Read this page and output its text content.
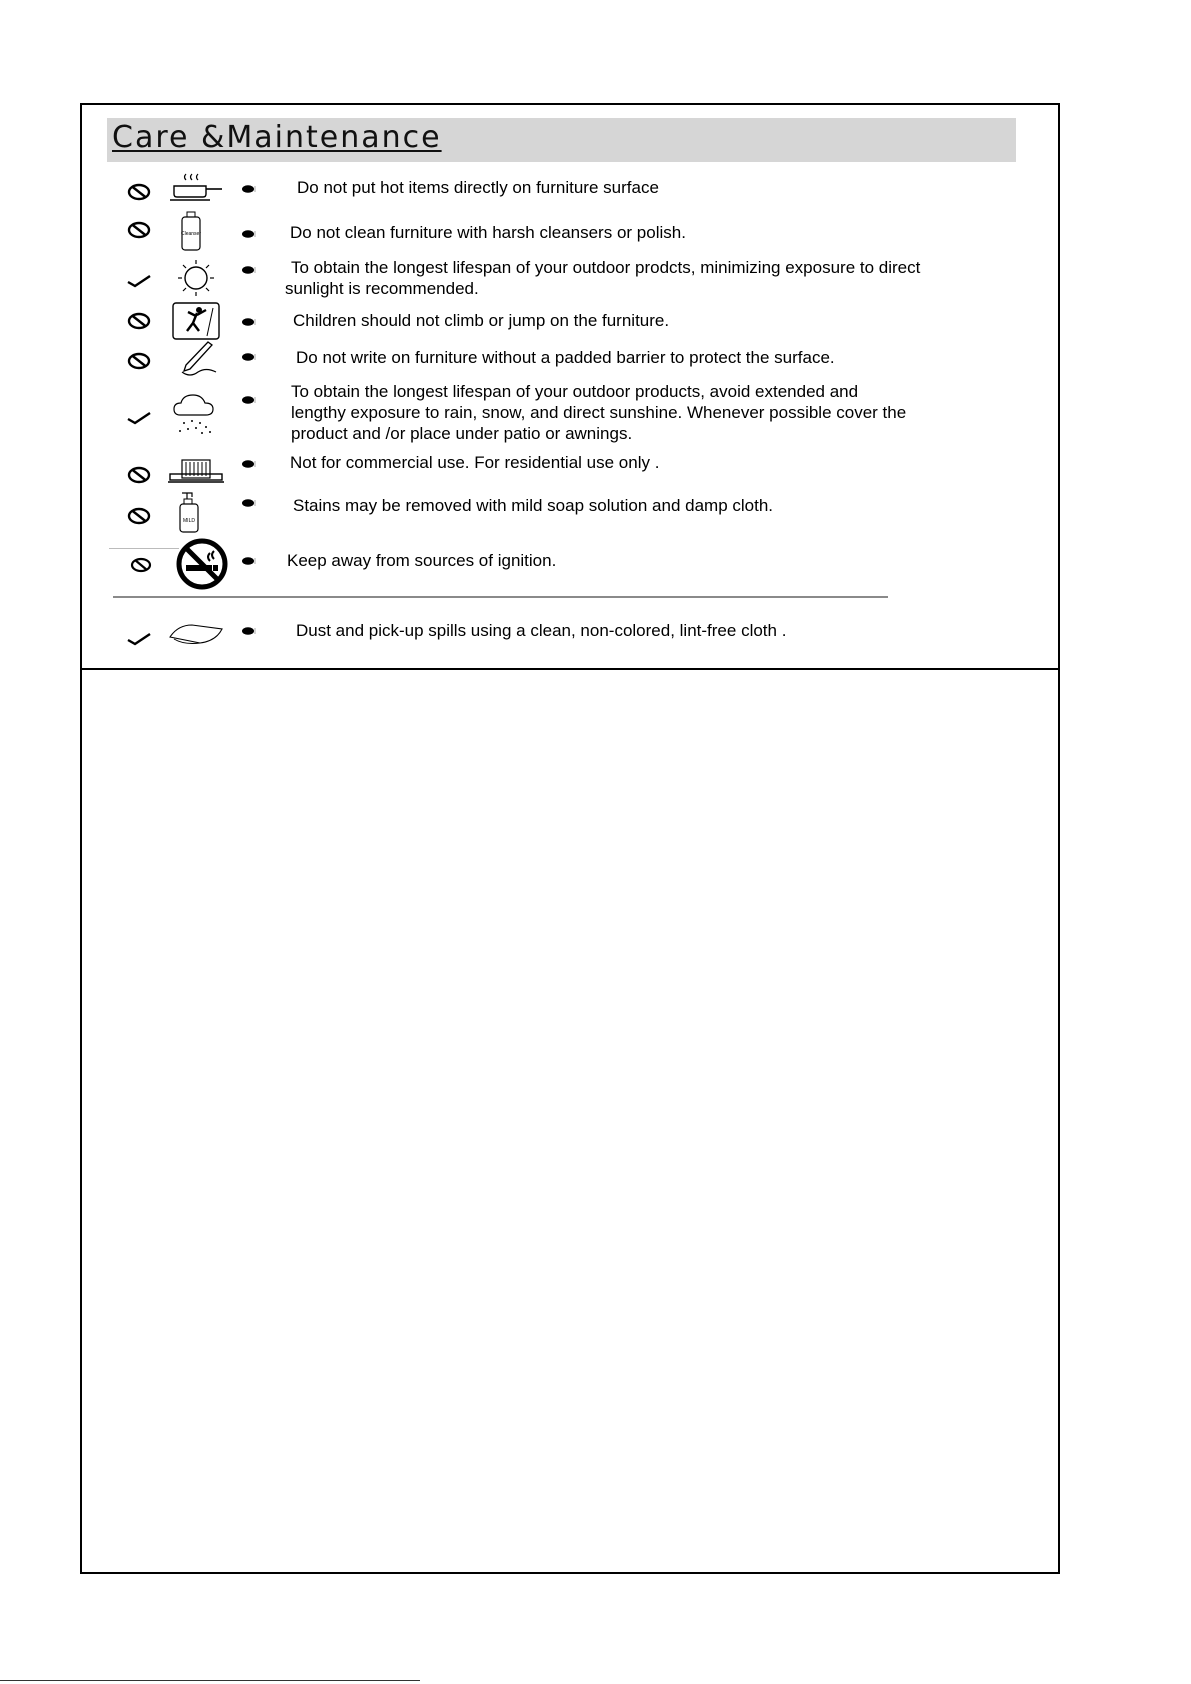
Care &Maintenance
Do not put hot items directly on furniture surface
Cleanser	Do not clean furniture with harsh cleansers or polish.
To obtain the longest lifespan of your outdoor prodcts, minimizing exposure to direct
sunlight is recommended.
Children should not climb or jump on the furniture.
Do not write on furniture without a padded barrier to protect the surface.
To obtain the longest lifespan of your outdoor products, avoid extended and
lengthy exposure to rain, snow, and direct sunshine. Whenever possible cover the
product and /or place under patio or awnings.
Not for commercial use. For residential use only .
MILD
Stains may be removed with mild soap solution and damp cloth.
Keep away from sources of ignition.
Dust and pick-up spills using a clean, non-colored, lint-free cloth .
